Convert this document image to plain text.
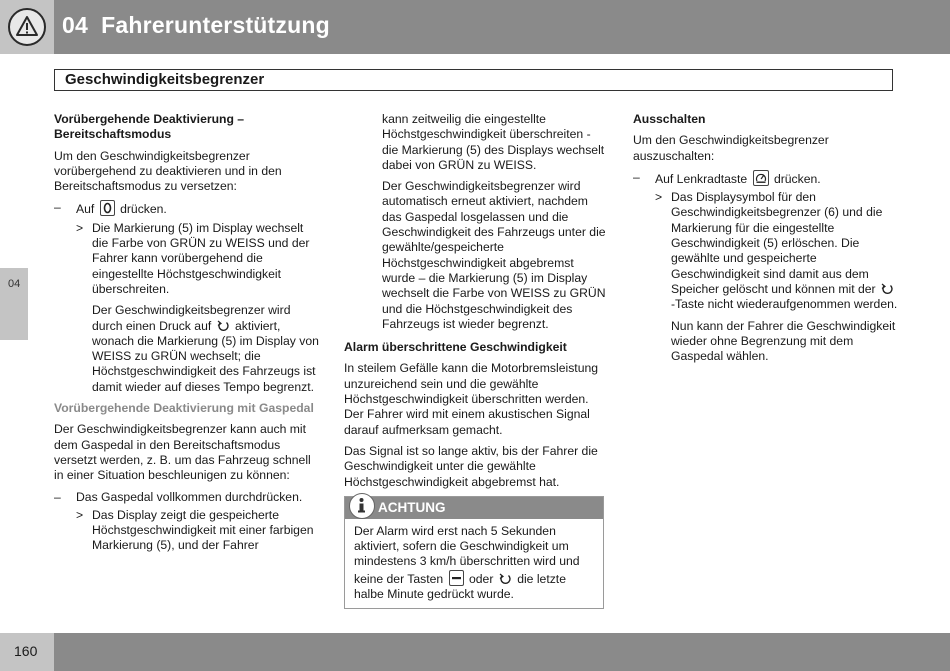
04 Fahrerunterstützung
Geschwindigkeitsbegrenzer
04

Vorübergehende Deaktivierung –
Bereitschaftsmodus

Um den Geschwindigkeitsbegrenzer vorübergehend zu deaktivieren und in den Bereitschaftsmodus zu versetzen:

– Auf drücken.

> Die Markierung (5) im Display wechselt die Farbe von GRÜN zu WEISS und der Fahrer kann vorübergehend die eingestellte Höchstgeschwindigkeit überschreiten.

Der Geschwindigkeitsbegrenzer wird durch einen Druck auf aktiviert, wonach die Markierung (5) im Display von WEISS zu GRÜN wechselt; die Höchstgeschwindigkeit des Fahrzeugs ist damit wieder auf dieses Tempo begrenzt.

Vorübergehende Deaktivierung mit Gaspedal

Der Geschwindigkeitsbegrenzer kann auch mit dem Gaspedal in den Bereitschaftsmodus versetzt werden, z. B. um das Fahrzeug schnell in einer Situation beschleunigen zu können:

– Das Gaspedal vollkommen durchdrücken.

> Das Display zeigt die gespeicherte Höchstgeschwindigkeit mit einer farbigen Markierung (5), und der Fahrer

kann zeitweilig die eingestellte Höchstgeschwindigkeit überschreiten - die Markierung (5) des Displays wechselt dabei von GRÜN zu WEISS.

Der Geschwindigkeitsbegrenzer wird automatisch erneut aktiviert, nachdem das Gaspedal losgelassen und die Geschwindigkeit des Fahrzeugs unter die gewählte/gespeicherte Höchstgeschwindigkeit abgebremst wurde – die Markierung (5) im Display wechselt die Farbe von WEISS zu GRÜN und die Höchstgeschwindigkeit des Fahrzeugs ist wieder begrenzt.

Alarm überschrittene Geschwindigkeit

In steilem Gefälle kann die Motorbremsleistung unzureichend sein und die gewählte Höchstgeschwindigkeit überschritten werden. Der Fahrer wird mit einem akustischen Signal darauf aufmerksam gemacht.

Das Signal ist so lange aktiv, bis der Fahrer die Geschwindigkeit unter die gewählte Höchstgeschwindigkeit abgebremst hat.

ACHTUNG

Der Alarm wird erst nach 5 Sekunden aktiviert, sofern die Geschwindigkeit um mindestens 3 km/h überschritten wird und keine der Tasten oder die letzte halbe Minute gedrückt wurde.

Ausschalten

Um den Geschwindigkeitsbegrenzer auszuschalten:

– Auf Lenkradtaste drücken.

> Das Displaysymbol für den Geschwindigkeitsbegrenzer (6) und die Markierung für die eingestellte Geschwindigkeit (5) erlöschen. Die gewählte und gespeicherte Geschwindigkeit sind damit aus dem Speicher gelöscht und können mit der
-Taste nicht wiederaufgenommen werden.

Nun kann der Fahrer die Geschwindigkeit wieder ohne Begrenzung mit dem Gaspedal wählen.

160
